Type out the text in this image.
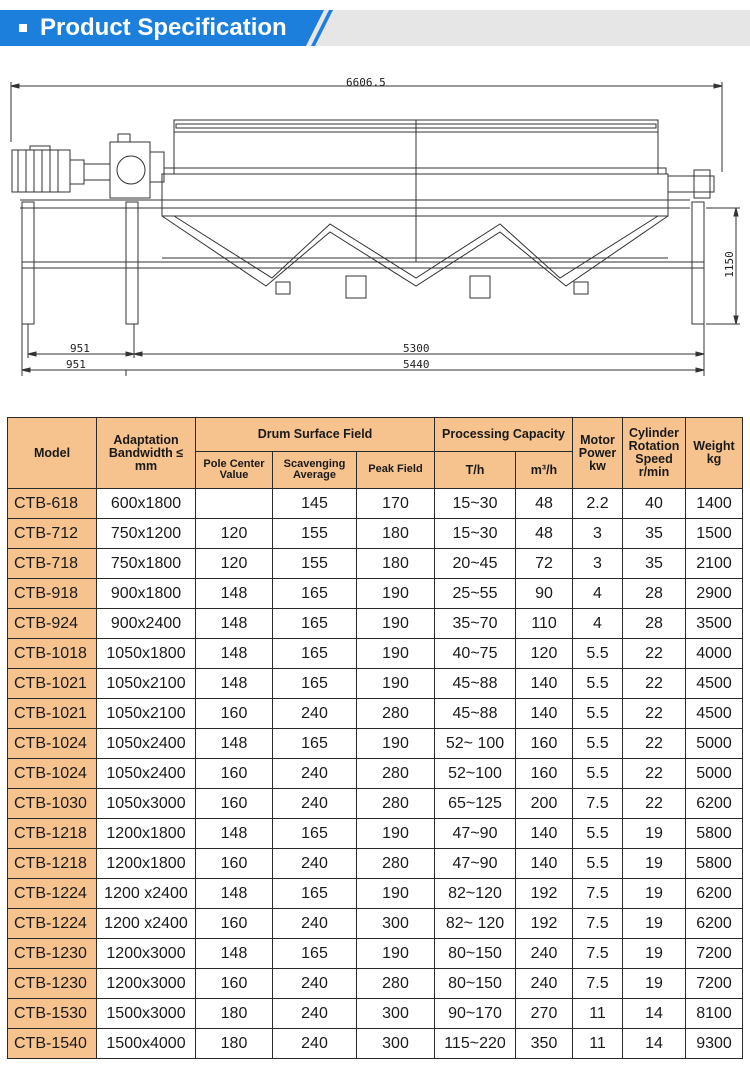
Product Specification
6606.5
951	5300
951	5440
1150
Model	Adaptation Bandwidth ≤ mm	Drum Surface Field			Processing Capacity		Motor Power kw	Cylinder Rotation Speed r/min	Weight kg
		Pole Center Value	Scavenging Average	Peak Field	T/h	m³/h			
CTB-618	600x1800		145	170	15~30	48	2.2	40	1400
CTB-712	750x1200	120	155	180	15~30	48	3	35	1500
CTB-718	750x1800	120	155	180	20~45	72	3	35	2100
CTB-918	900x1800	148	165	190	25~55	90	4	28	2900
CTB-924	900x2400	148	165	190	35~70	110	4	28	3500
CTB-1018	1050x1800	148	165	190	40~75	120	5.5	22	4000
CTB-1021	1050x2100	148	165	190	45~88	140	5.5	22	4500
CTB-1021	1050x2100	160	240	280	45~88	140	5.5	22	4500
CTB-1024	1050x2400	148	165	190	52~ 100	160	5.5	22	5000
CTB-1024	1050x2400	160	240	280	52~100	160	5.5	22	5000
CTB-1030	1050x3000	160	240	280	65~125	200	7.5	22	6200
CTB-1218	1200x1800	148	165	190	47~90	140	5.5	19	5800
CTB-1218	1200x1800	160	240	280	47~90	140	5.5	19	5800
CTB-1224	1200 x2400	148	165	190	82~120	192	7.5	19	6200
CTB-1224	1200 x2400	160	240	300	82~ 120	192	7.5	19	6200
CTB-1230	1200x3000	148	165	190	80~150	240	7.5	19	7200
CTB-1230	1200x3000	160	240	280	80~150	240	7.5	19	7200
CTB-1530	1500x3000	180	240	300	90~170	270	11	14	8100
CTB-1540	1500x4000	180	240	300	115~220	350	11	14	9300
